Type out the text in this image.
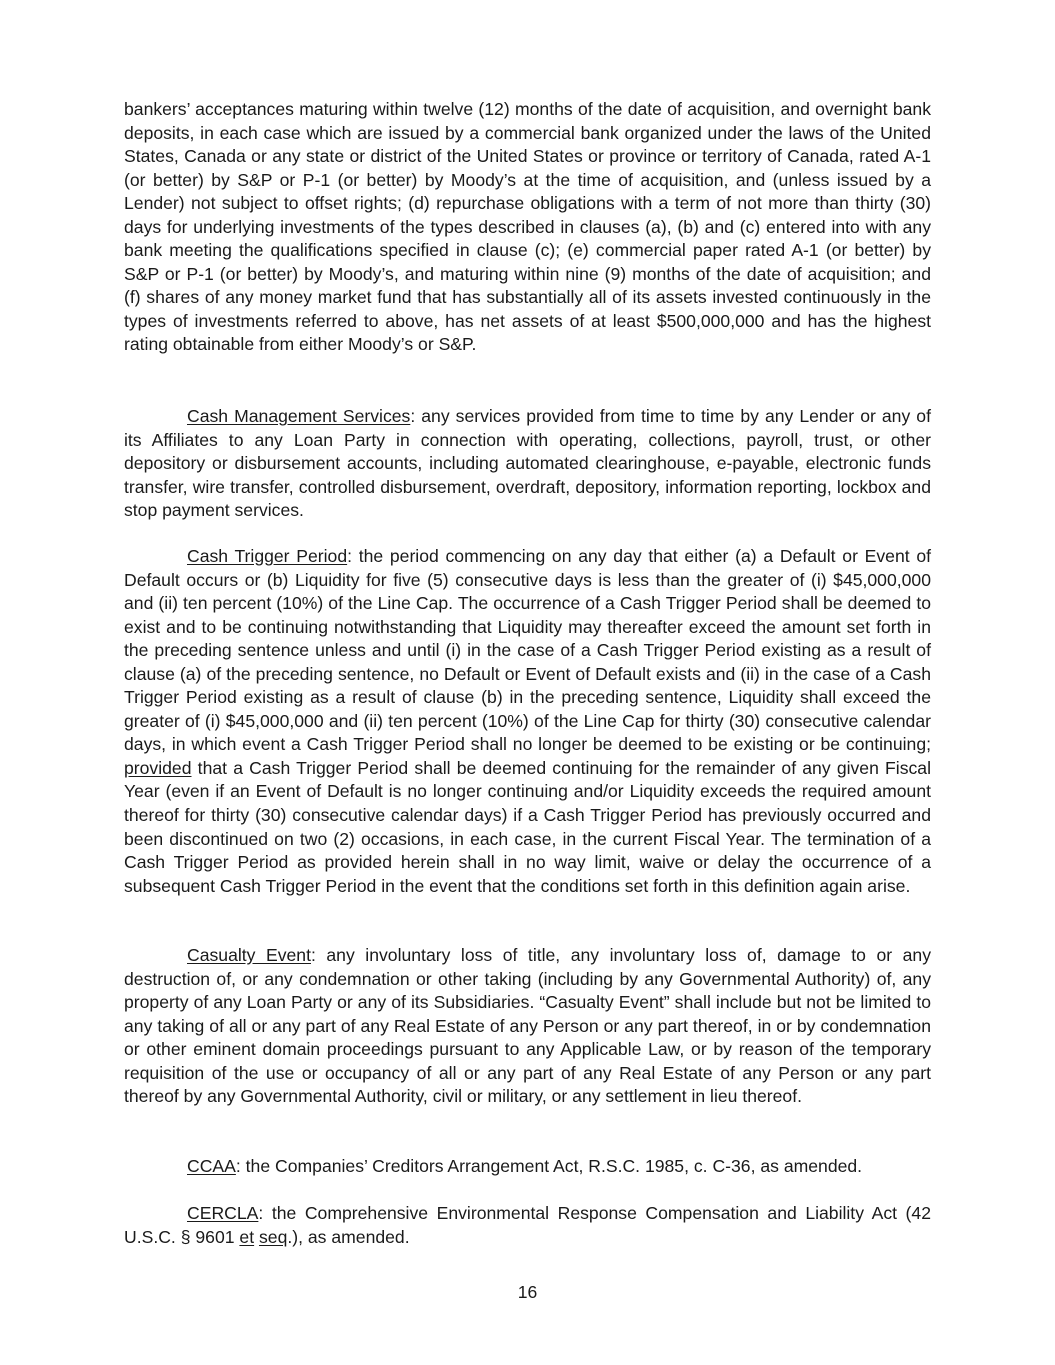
bankers’ acceptances maturing within twelve (12) months of the date of acquisition, and overnight bank deposits, in each case which are issued by a commercial bank organized under the laws of the United States, Canada or any state or district of the United States or province or territory of Canada, rated A-1 (or better) by S&P or P-1 (or better) by Moody’s at the time of acquisition, and (unless issued by a Lender) not subject to offset rights; (d) repurchase obligations with a term of not more than thirty (30) days for underlying investments of the types described in clauses (a), (b) and (c) entered into with any bank meeting the qualifications specified in clause (c); (e) commercial paper rated A-1 (or better) by S&P or P-1 (or better) by Moody’s, and maturing within nine (9) months of the date of acquisition; and (f) shares of any money market fund that has substantially all of its assets invested continuously in the types of investments referred to above, has net assets of at least $500,000,000 and has the highest rating obtainable from either Moody’s or S&P.

Cash Management Services: any services provided from time to time by any Lender or any of its Affiliates to any Loan Party in connection with operating, collections, payroll, trust, or other depository or disbursement accounts, including automated clearinghouse, e-payable, electronic funds transfer, wire transfer, controlled disbursement, overdraft, depository, information reporting, lockbox and stop payment services.

Cash Trigger Period: the period commencing on any day that either (a) a Default or Event of Default occurs or (b) Liquidity for five (5) consecutive days is less than the greater of (i) $45,000,000 and (ii) ten percent (10%) of the Line Cap. The occurrence of a Cash Trigger Period shall be deemed to exist and to be continuing notwithstanding that Liquidity may thereafter exceed the amount set forth in the preceding sentence unless and until (i) in the case of a Cash Trigger Period existing as a result of clause (a) of the preceding sentence, no Default or Event of Default exists and (ii) in the case of a Cash Trigger Period existing as a result of clause (b) in the preceding sentence, Liquidity shall exceed the greater of (i) $45,000,000 and (ii) ten percent (10%) of the Line Cap for thirty (30) consecutive calendar days, in which event a Cash Trigger Period shall no longer be deemed to be existing or be continuing; provided that a Cash Trigger Period shall be deemed continuing for the remainder of any given Fiscal Year (even if an Event of Default is no longer continuing and/or Liquidity exceeds the required amount thereof for thirty (30) consecutive calendar days) if a Cash Trigger Period has previously occurred and been discontinued on two (2) occasions, in each case, in the current Fiscal Year. The termination of a Cash Trigger Period as provided herein shall in no way limit, waive or delay the occurrence of a subsequent Cash Trigger Period in the event that the conditions set forth in this definition again arise.

Casualty Event: any involuntary loss of title, any involuntary loss of, damage to or any destruction of, or any condemnation or other taking (including by any Governmental Authority) of, any property of any Loan Party or any of its Subsidiaries. “Casualty Event” shall include but not be limited to any taking of all or any part of any Real Estate of any Person or any part thereof, in or by condemnation or other eminent domain proceedings pursuant to any Applicable Law, or by reason of the temporary requisition of the use or occupancy of all or any part of any Real Estate of any Person or any part thereof by any Governmental Authority, civil or military, or any settlement in lieu thereof.

CCAA: the Companies’ Creditors Arrangement Act, R.S.C. 1985, c. C-36, as amended.

CERCLA: the Comprehensive Environmental Response Compensation and Liability Act (42 U.S.C. § 9601 et seq.), as amended.

16
